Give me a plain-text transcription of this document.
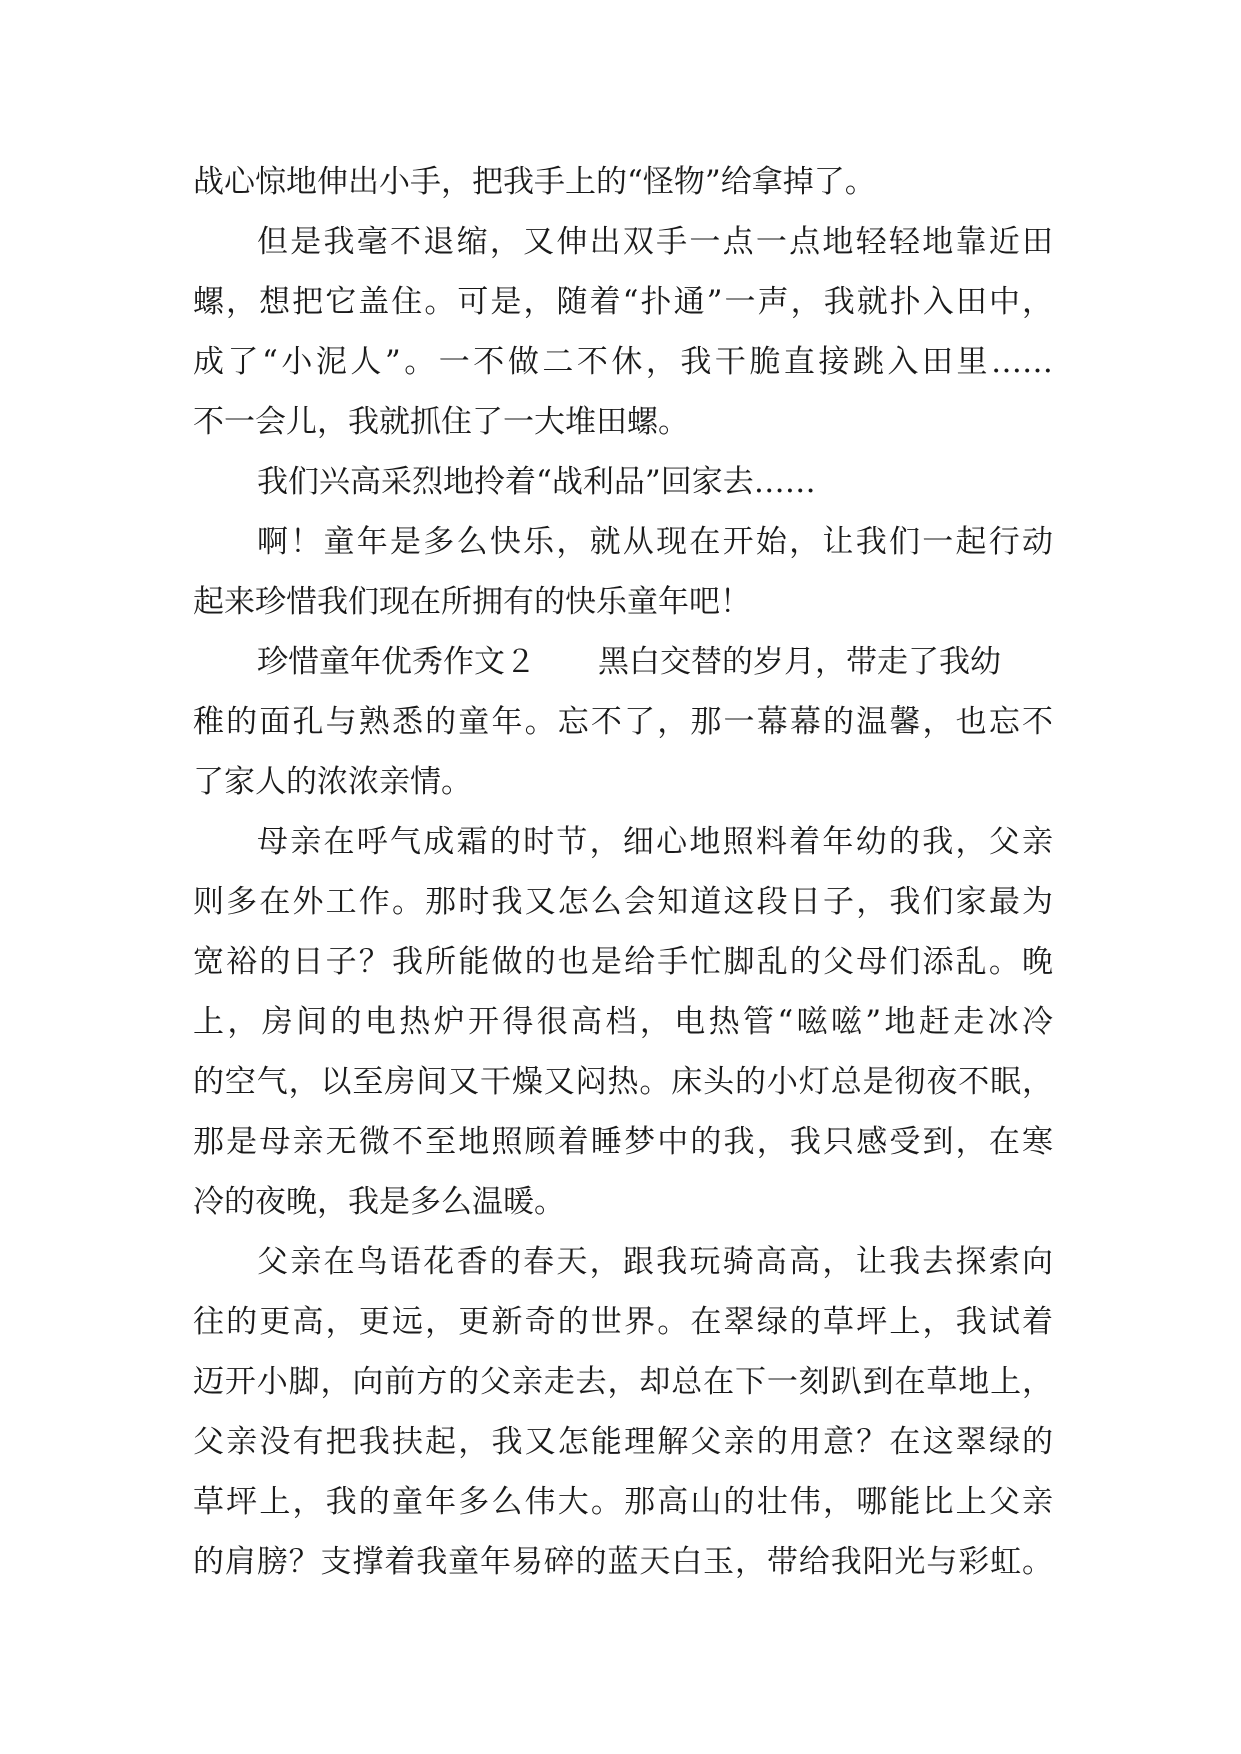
战心惊地伸出小手，把我手上的“怪物”给拿掉了。
但是我毫不退缩，又伸出双手一点一点地轻轻地靠近田
螺，想把它盖住。可是，随着“扑通”一声，我就扑入田中，
成了“小泥人”。一不做二不休，我干脆直接跳入田里……
不一会儿，我就抓住了一大堆田螺。
我们兴高采烈地拎着“战利品”回家去……
啊！童年是多么快乐，就从现在开始，让我们一起行动
起来珍惜我们现在所拥有的快乐童年吧！
珍惜童年优秀作文２ 黑白交替的岁月，带走了我幼
稚的面孔与熟悉的童年。忘不了，那一幕幕的温馨，也忘不
了家人的浓浓亲情。
母亲在呼气成霜的时节，细心地照料着年幼的我，父亲
则多在外工作。那时我又怎么会知道这段日子，我们家最为
宽裕的日子？我所能做的也是给手忙脚乱的父母们添乱。晚
上，房间的电热炉开得很高档，电热管“嗞嗞”地赶走冰冷
的空气，以至房间又干燥又闷热。床头的小灯总是彻夜不眠，
那是母亲无微不至地照顾着睡梦中的我，我只感受到，在寒
冷的夜晚，我是多么温暖。
父亲在鸟语花香的春天，跟我玩骑高高，让我去探索向
往的更高，更远，更新奇的世界。在翠绿的草坪上，我试着
迈开小脚，向前方的父亲走去，却总在下一刻趴到在草地上，
父亲没有把我扶起，我又怎能理解父亲的用意？在这翠绿的
草坪上，我的童年多么伟大。那高山的壮伟，哪能比上父亲
的肩膀？支撑着我童年易碎的蓝天白玉，带给我阳光与彩虹。
